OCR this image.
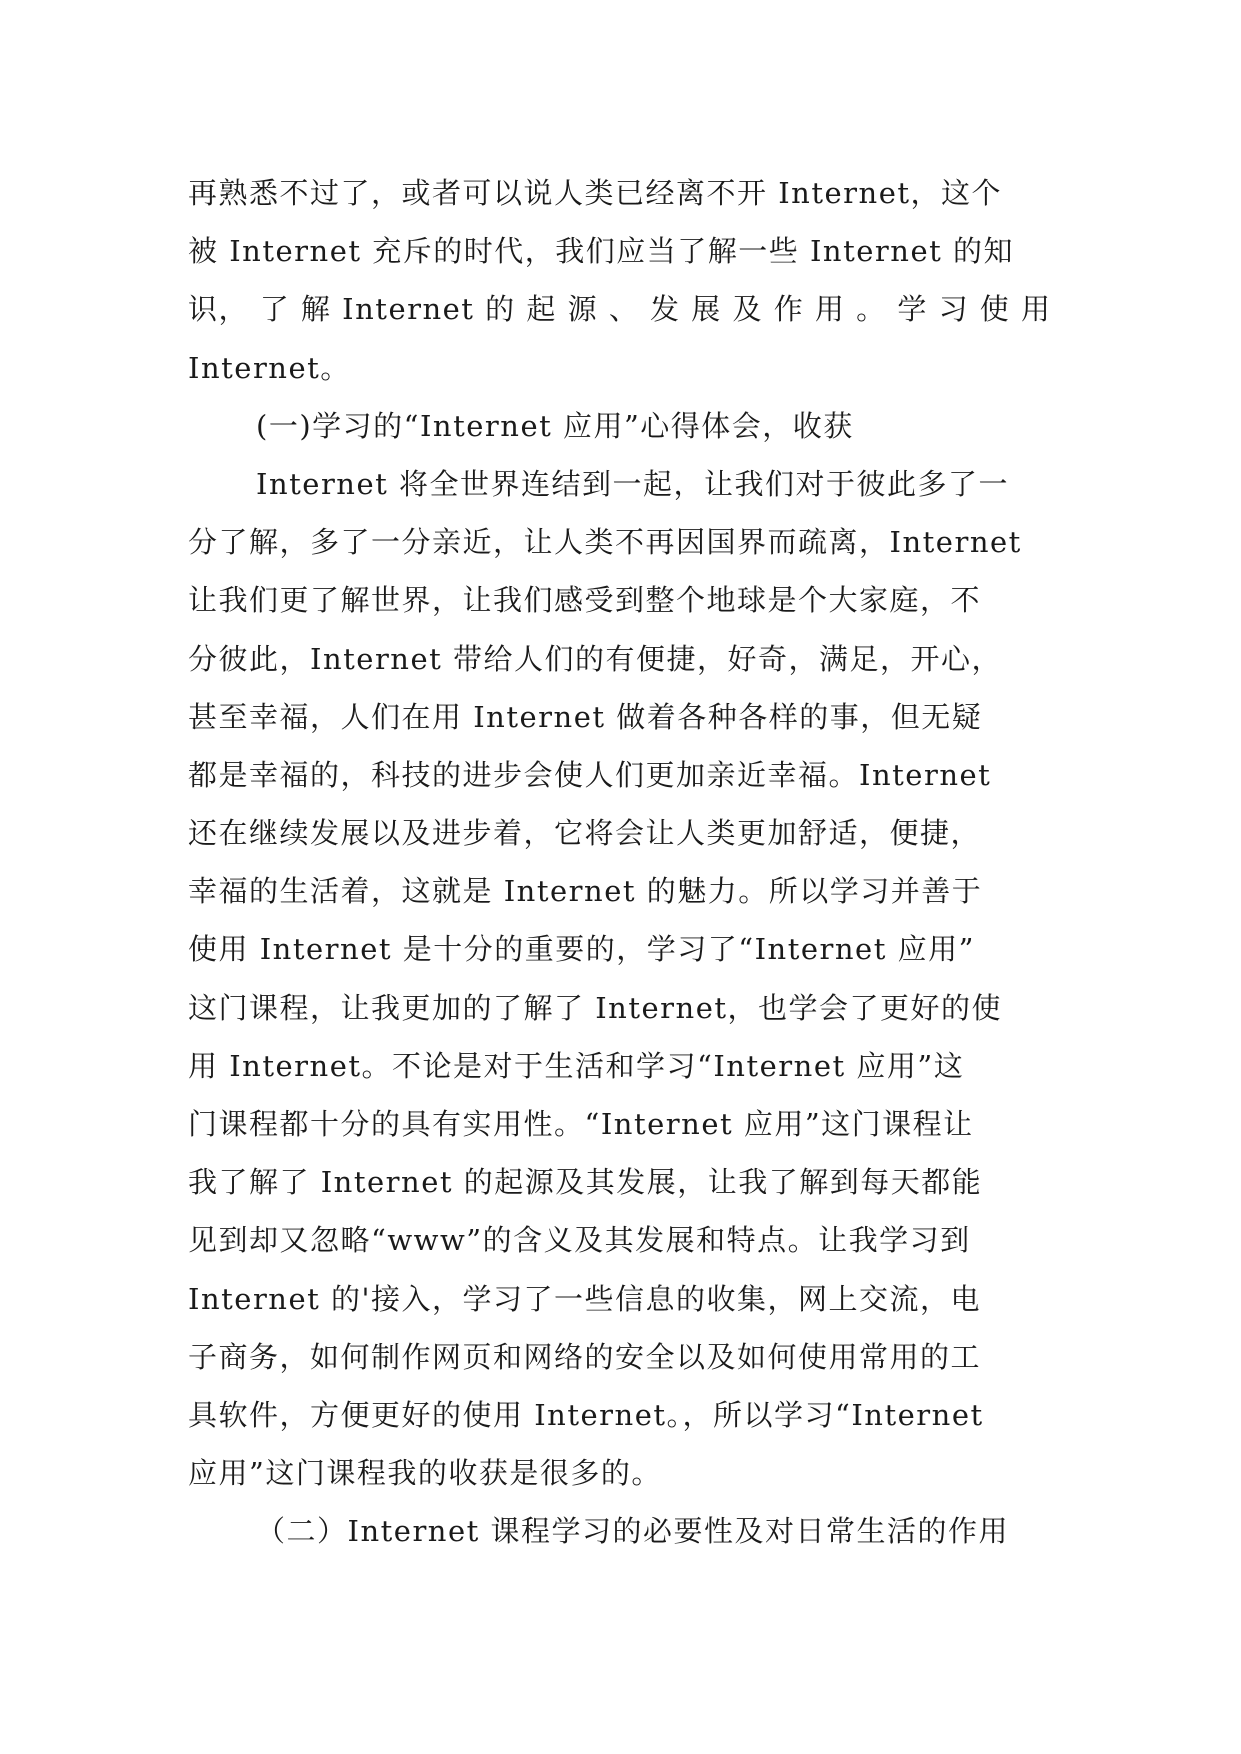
再熟悉不过了，或者可以说人类已经离不开 Internet，这个
被 Internet 充斥的时代，我们应当了解一些 Internet 的知
识， 了 解 Internet 的 起 源 、 发 展 及 作 用 。 学 习 使 用
Internet。
(一)学习的“Internet 应用”心得体会，收获
Internet 将全世界连结到一起，让我们对于彼此多了一
分了解，多了一分亲近，让人类不再因国界而疏离，Internet
让我们更了解世界，让我们感受到整个地球是个大家庭，不
分彼此，Internet 带给人们的有便捷，好奇，满足，开心，
甚至幸福，人们在用 Internet 做着各种各样的事，但无疑
都是幸福的，科技的进步会使人们更加亲近幸福。Internet
还在继续发展以及进步着，它将会让人类更加舒适，便捷，
幸福的生活着，这就是 Internet 的魅力。所以学习并善于
使用 Internet 是十分的重要的，学习了“Internet 应用”
这门课程，让我更加的了解了 Internet，也学会了更好的使
用 Internet。不论是对于生活和学习“Internet 应用”这
门课程都十分的具有实用性。“Internet 应用”这门课程让
我了解了 Internet 的起源及其发展，让我了解到每天都能
见到却又忽略“www”的含义及其发展和特点。让我学习到
Internet 的'接入，学习了一些信息的收集，网上交流，电
子商务，如何制作网页和网络的安全以及如何使用常用的工
具软件，方便更好的使用 Internet。，所以学习“Internet
应用”这门课程我的收获是很多的。
（二）Internet 课程学习的必要性及对日常生活的作用
